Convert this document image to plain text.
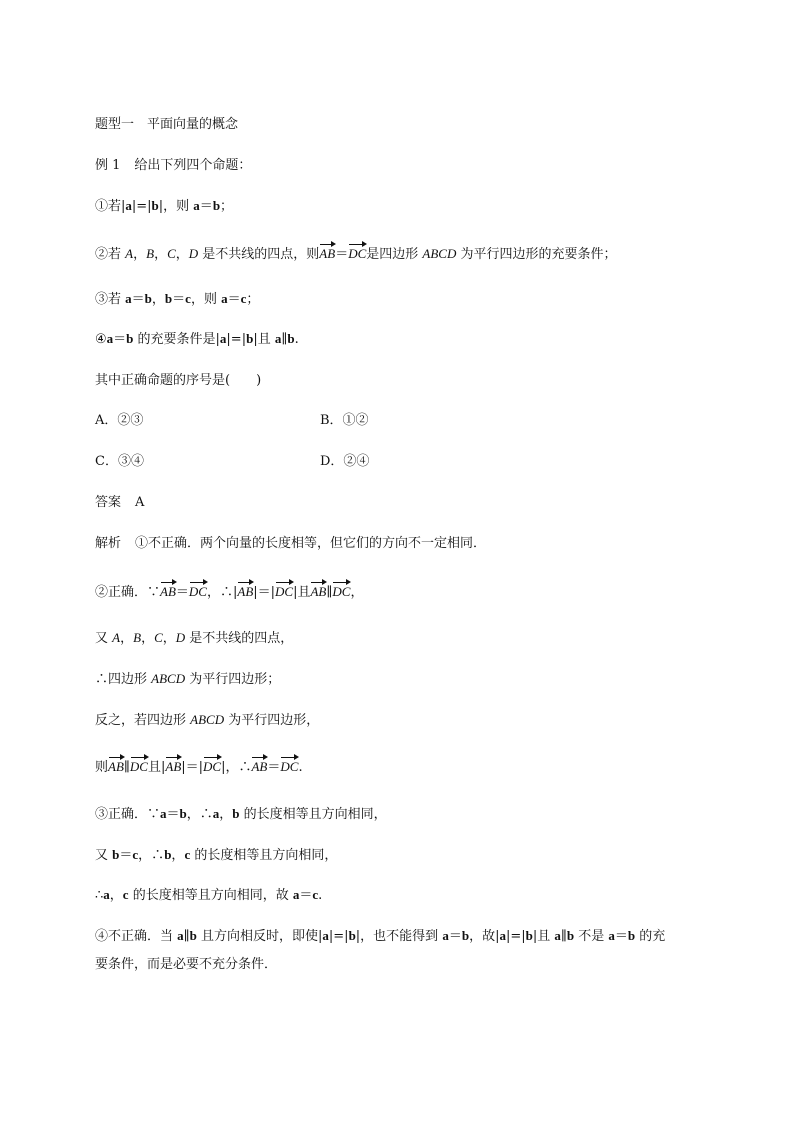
题型一　平面向量的概念
例 1 给出下列四个命题：
①若|a|=|b|，则 a＝b；
②若 A，B，C，D 是不共线的四点，则AB＝DC是四边形 ABCD 为平行四边形的充要条件；
③若 a＝b，b＝c，则 a＝c；
④a＝b 的充要条件是|a|=|b|且 a∥b.
其中正确命题的序号是(　　)
A．②③	B．①②
C．③④	D．②④
答案 A
解析 ①不正确．两个向量的长度相等，但它们的方向不一定相同．
②正确．∵AB＝DC，∴|AB|＝|DC|且AB∥DC，
又 A，B，C，D 是不共线的四点，
∴四边形 ABCD 为平行四边形；
反之，若四边形 ABCD 为平行四边形，
则AB∥DC且|AB|＝|DC|，∴AB＝DC.
③正确．∵a＝b，∴a，b 的长度相等且方向相同，
又 b＝c，∴b，c 的长度相等且方向相同，
∴a，c 的长度相等且方向相同，故 a＝c.
④不正确．当 a∥b 且方向相反时，即使|a|=|b|，也不能得到 a＝b，故|a|=|b|且 a∥b 不是 a＝b 的充
要条件，而是必要不充分条件．
